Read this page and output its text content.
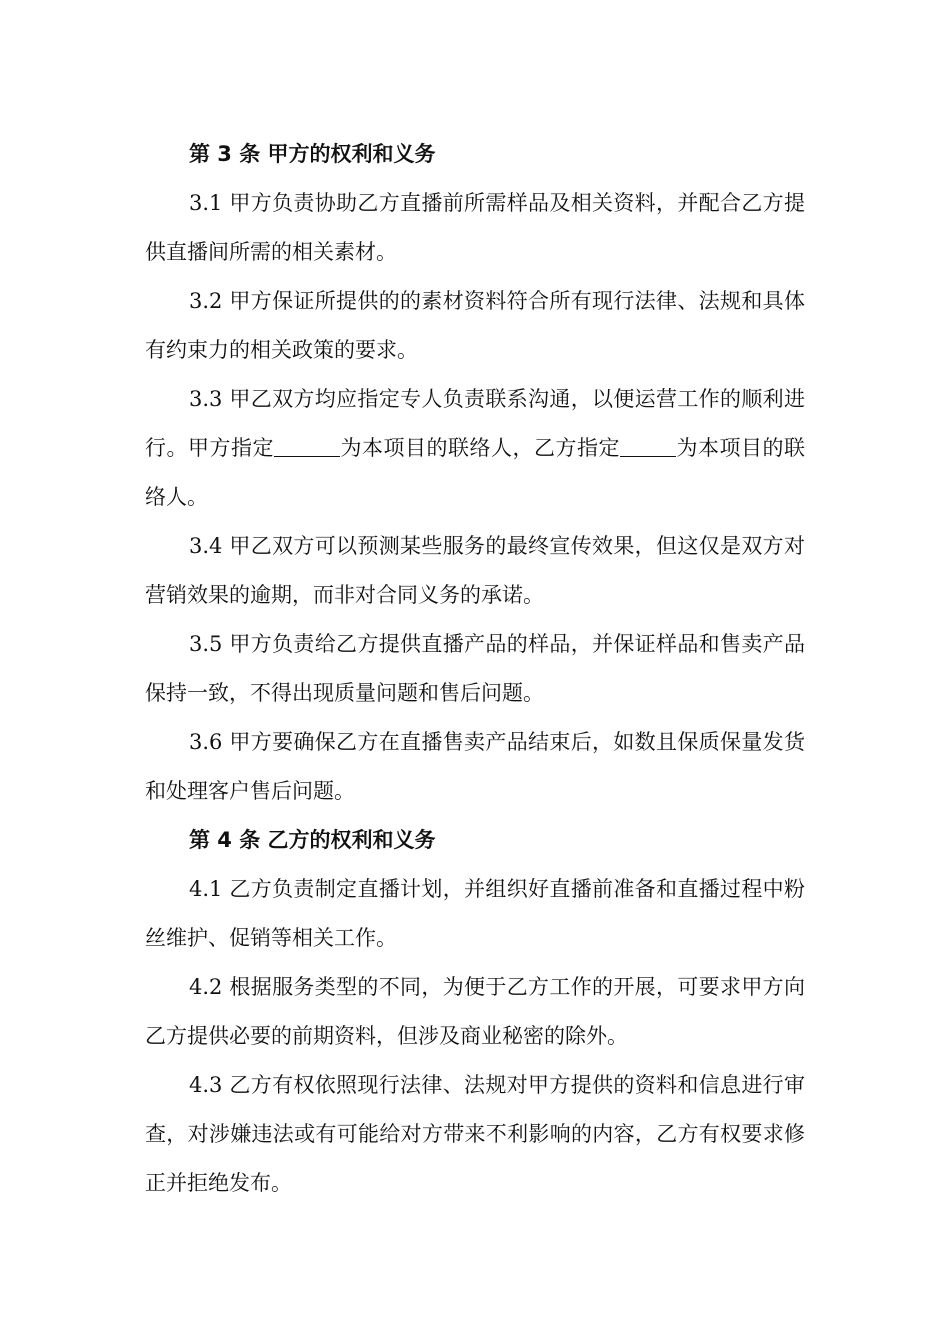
第 3 条 甲方的权利和义务

3.1 甲方负责协助乙方直播前所需样品及相关资料，并配合乙方提供直播间所需的相关素材。

3.2 甲方保证所提供的的素材资料符合所有现行法律、法规和具体有约束力的相关政策的要求。

3.3 甲乙双方均应指定专人负责联系沟通，以便运营工作的顺利进行。甲方指定	为本项目的联络人，乙方指定	为本项目的联络人。

3.4 甲乙双方可以预测某些服务的最终宣传效果，但这仅是双方对营销效果的逾期，而非对合同义务的承诺。

3.5 甲方负责给乙方提供直播产品的样品，并保证样品和售卖产品保持一致，不得出现质量问题和售后问题。

3.6 甲方要确保乙方在直播售卖产品结束后，如数且保质保量发货和处理客户售后问题。

第 4 条 乙方的权利和义务

4.1 乙方负责制定直播计划，并组织好直播前准备和直播过程中粉丝维护、促销等相关工作。

4.2 根据服务类型的不同，为便于乙方工作的开展，可要求甲方向乙方提供必要的前期资料，但涉及商业秘密的除外。

4.3 乙方有权依照现行法律、法规对甲方提供的资料和信息进行审查，对涉嫌违法或有可能给对方带来不利影响的内容，乙方有权要求修正并拒绝发布。
